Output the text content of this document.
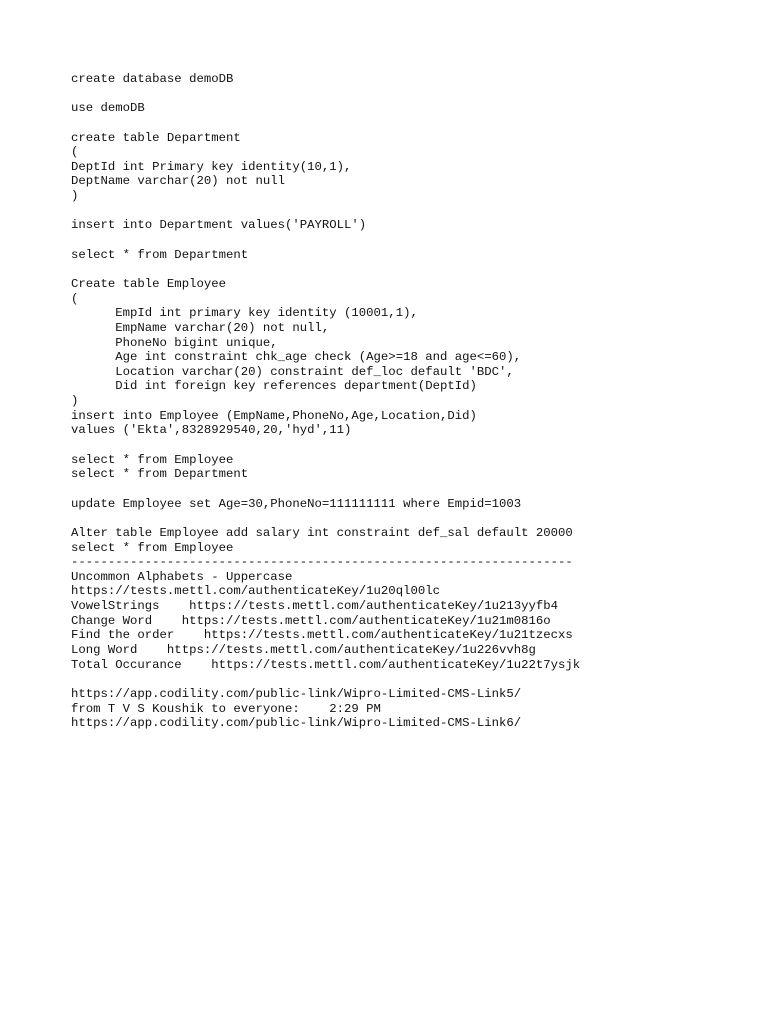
create database demoDB
use demoDB
create table Department
(
DeptId int Primary key identity(10,1),
DeptName varchar(20) not null
)
insert into Department values('PAYROLL')
select * from Department
Create table Employee
(
EmpId int primary key identity (10001,1),
EmpName varchar(20) not null,
PhoneNo bigint unique,
Age int constraint chk_age check (Age>=18 and age<=60),
Location varchar(20) constraint def_loc default 'BDC',
Did int foreign key references department(DeptId)
)
insert into Employee (EmpName,PhoneNo,Age,Location,Did)
values ('Ekta',8328929540,20,'hyd',11)
select * from Employee
select * from Department
update Employee set Age=30,PhoneNo=111111111 where Empid=1003
Alter table Employee add salary int constraint def_sal default 20000
select * from Employee
--------------------------------------------------------------------
Uncommon Alphabets - Uppercase
https://tests.mettl.com/authenticateKey/1u20ql00lc
VowelStrings    https://tests.mettl.com/authenticateKey/1u213yyfb4
Change Word    https://tests.mettl.com/authenticateKey/1u21m0816o
Find the order    https://tests.mettl.com/authenticateKey/1u21tzecxs
Long Word    https://tests.mettl.com/authenticateKey/1u226vvh8g
Total Occurance    https://tests.mettl.com/authenticateKey/1u22t7ysjk
https://app.codility.com/public-link/Wipro-Limited-CMS-Link5/
from T V S Koushik to everyone:    2:29 PM
https://app.codility.com/public-link/Wipro-Limited-CMS-Link6/
